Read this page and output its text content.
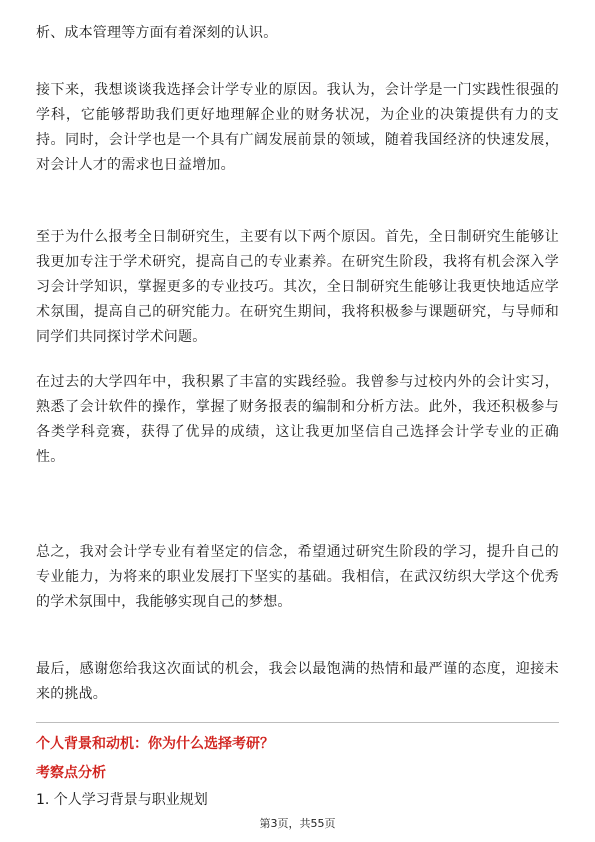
析、成本管理等方面有着深刻的认识。

接下来，我想谈谈我选择会计学专业的原因。我认为，会计学是一门实践性很强的学科，它能够帮助我们更好地理解企业的财务状况，为企业的决策提供有力的支持。同时，会计学也是一个具有广阔发展前景的领域，随着我国经济的快速发展，对会计人才的需求也日益增加。

至于为什么报考全日制研究生，主要有以下两个原因。首先，全日制研究生能够让我更加专注于学术研究，提高自己的专业素养。在研究生阶段，我将有机会深入学习会计学知识，掌握更多的专业技巧。其次，全日制研究生能够让我更快地适应学术氛围，提高自己的研究能力。在研究生期间，我将积极参与课题研究，与导师和同学们共同探讨学术问题。

在过去的大学四年中，我积累了丰富的实践经验。我曾参与过校内外的会计实习，熟悉了会计软件的操作，掌握了财务报表的编制和分析方法。此外，我还积极参与各类学科竞赛，获得了优异的成绩，这让我更加坚信自己选择会计学专业的正确性。

总之，我对会计学专业有着坚定的信念，希望通过研究生阶段的学习，提升自己的专业能力，为将来的职业发展打下坚实的基础。我相信，在武汉纺织大学这个优秀的学术氛围中，我能够实现自己的梦想。

最后，感谢您给我这次面试的机会，我会以最饱满的热情和最严谨的态度，迎接未来的挑战。

个人背景和动机：你为什么选择考研？

考察点分析

1. 个人学习背景与职业规划

第3页，共55页
